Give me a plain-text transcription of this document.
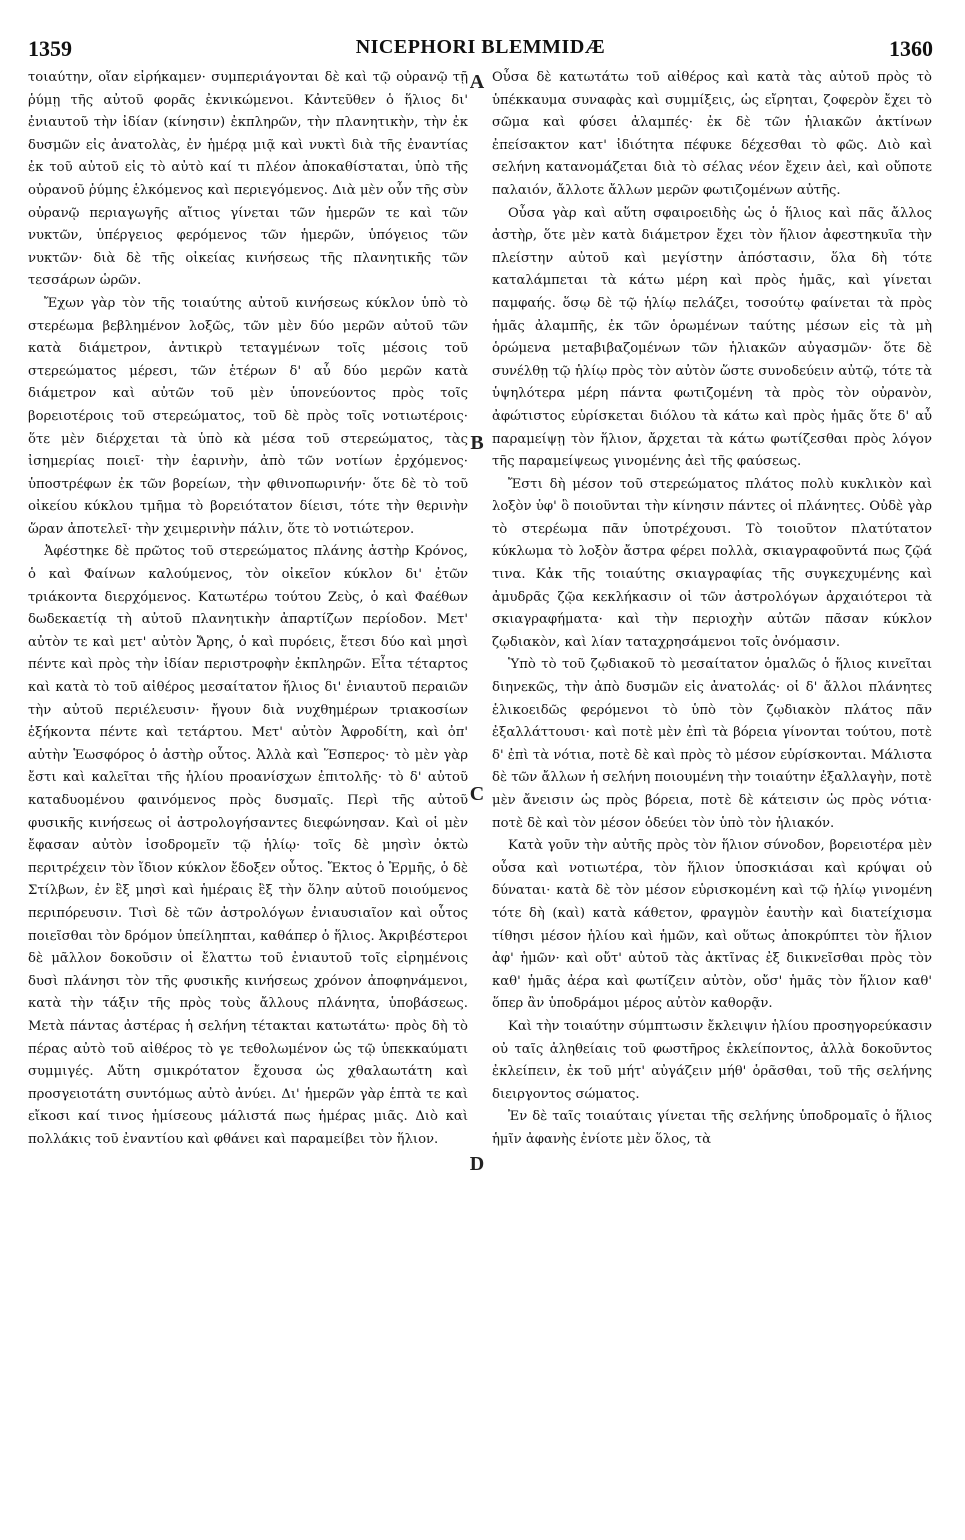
1359	NICEPHORI BLEMMIDÆ	1360

τοιαύτην, οἵαν εἰρήκαμεν· συμπεριάγονται δὲ καὶ τῷ οὐρανῷ τῇ ῥύμῃ τῆς αὐτοῦ φορᾶς ἐκνικώμενοι. Κἀντεῦθεν ὁ ἥλιος δι' ἐνιαυτοῦ τὴν ἰδίαν (κίνησιν) ἐκπληρῶν, τὴν πλανητικὴν, τὴν ἐκ δυσμῶν εἰς ἀνατολὰς, ἐν ἡμέρᾳ μιᾷ καὶ νυκτὶ διὰ τῆς ἐναντίας ἐκ τοῦ αὐτοῦ εἰς τὸ αὐτὸ καί τι πλέον ἀποκαθίσταται, ὑπὸ τῆς οὐρανοῦ ῥύμης ἑλκόμενος καὶ περιεγόμενος. Διὰ μὲν οὖν τῆς σὺν οὐρανῷ περιαγωγῆς αἴτιος γίνεται τῶν ἡμερῶν τε καὶ τῶν νυκτῶν, ὑπέργειος φερόμενος τῶν ἡμερῶν, ὑπόγειος τῶν νυκτῶν· διὰ δὲ τῆς οἰκείας κινήσεως τῆς πλανητικῆς τῶν τεσσάρων ὡρῶν.

Ἔχων γὰρ τὸν τῆς τοιαύτης αὐτοῦ κινήσεως κύκλον ὑπὸ τὸ στερέωμα βεβλημένον λοξῶς, τῶν μὲν δύο μερῶν αὐτοῦ τῶν κατὰ διάμετρον, ἀντικρὺ τεταγμένων τοῖς μέσοις τοῦ στερεώματος μέρεσι, τῶν ἑτέρων δ' αὖ δύο μερῶν κατὰ διάμετρον καὶ αὐτῶν τοῦ μὲν ὑπονεύοντος πρὸς τοῖς βορειοτέροις τοῦ στερεώματος, τοῦ δὲ πρὸς τοῖς νοτιωτέροις· ὅτε μὲν διέρχεται τὰ ὑπὸ κὰ μέσα τοῦ στερεώματος, τὰς ἰσημερίας ποιεῖ· τὴν ἐαρινὴν, ἀπὸ τῶν νοτίων ἐρχόμενος· ὑποστρέφων ἐκ τῶν βορείων, τὴν φθινοπωρινήν· ὅτε δὲ τὸ τοῦ οἰκείου κύκλου τμῆμα τὸ βορειότατον δίεισι, τότε τὴν θερινὴν ὥραν ἀποτελεῖ· τὴν χειμερινὴν πάλιν, ὅτε τὸ νοτιώτερον.

Ἀφέστηκε δὲ πρῶτος τοῦ στερεώματος πλάνης ἀστὴρ Κρόνος, ὁ καὶ Φαίνων καλούμενος, τὸν οἰκεῖον κύκλον δι' ἐτῶν τριάκοντα διερχόμενος. Κατωτέρω τούτου Ζεὺς, ὁ καὶ Φαέθων δωδεκαετίᾳ τὴ αὐτοῦ πλανητικὴν ἀπαρτίζων περίοδον. Μετ' αὐτὸν τε καὶ μετ' αὐτὸν Ἄρης, ὁ καὶ πυρόεις, ἔτεσι δύο καὶ μησὶ πέντε καὶ πρὸς τὴν ἰδίαν περιστροφὴν ἐκπληρῶν. Εἶτα τέταρτος καὶ κατὰ τὸ τοῦ αἰθέρος μεσαίτατον ἥλιος δι' ἐνιαυτοῦ περαιῶν τὴν αὐτοῦ περιέλευσιν· ἤγουν διὰ νυχθημέρων τριακοσίων ἑξήκοντα πέντε καὶ τετάρτου. Μετ' αὐτὸν Ἀφροδίτη, καὶ ὀπ' αὐτὴν Ἑωσφόρος ὁ ἀστὴρ οὗτος. Ἀλλὰ καὶ Ἕσπερος· τὸ μὲν γὰρ ἔστι καὶ καλεῖται τῆς ἡλίου προανίσχων ἐπιτολῆς· τὸ δ' αὐτοῦ καταδυομένου φαινόμενος πρὸς δυσμαῖς. Περὶ τῆς αὐτοῦ φυσικῆς κινήσεως οἱ ἀστρολογήσαντες διεφώνησαν. Καὶ οἱ μὲν ἔφασαν αὐτὸν ἰσοδρομεῖν τῷ ἡλίῳ· τοῖς δὲ μησὶν ὀκτὼ περιτρέχειν τὸν ἴδιον κύκλον ἔδοξεν οὗτος. Ἔκτος ὁ Ἑρμῆς, ὁ δὲ Στίλβων, ἐν ἓξ μησὶ καὶ ἡμέραις ἓξ τὴν ὅλην αὐτοῦ ποιούμενος περιπόρευσιν. Τισὶ δὲ τῶν ἀστρολόγων ἐνιαυσιαῖον καὶ οὗτος ποιεῖσθαι τὸν δρόμον ὑπείληπται, καθάπερ ὁ ἥλιος. Ἀκριβέστεροι δὲ μᾶλλον δοκοῦσιν οἱ ἔλαττω τοῦ ἐνιαυτοῦ τοῖς εἰρημένοις δυσὶ πλάνησι τὸν τῆς φυσικῆς κινήσεως χρόνον ἀποφηνάμενοι, κατὰ τὴν τάξιν τῆς πρὸς τοὺς ἄλλους πλάνητα, ὑποβάσεως. Μετὰ πάντας ἀστέρας ἡ σελήνη τέτακται κατωτάτω· πρὸς δὴ τὸ πέρας αὐτὸ τοῦ αἰθέρος τὸ γε τεθολωμένον ὡς τῷ ὑπεκκαύματι συμμιγές. Αὕτη σμικρότατον ἔχουσα ὡς χθαλαωτάτη καὶ προσγειοτάτη συντόμως αὐτὸ ἀνύει. Δι' ἡμερῶν γὰρ ἑπτὰ τε καὶ εἴκοσι καί τινος ἡμίσεους μάλιστά πως ἡμέρας μιᾶς. Διὸ καὶ πολλάκις τοῦ ἐναντίου καὶ φθάνει καὶ παραμείβει τὸν ἥλιον.

A
B
C
D

Οὖσα δὲ κατωτάτω τοῦ αἰθέρος καὶ κατὰ τὰς αὐτοῦ πρὸς τὸ ὑπέκκαυμα συναφὰς καὶ συμμίξεις, ὡς εἴρηται, ζοφερὸν ἔχει τὸ σῶμα καὶ φύσει ἀλαμπές· ἐκ δὲ τῶν ἡλιακῶν ἀκτίνων ἐπείσακτον κατ' ἰδιότητα πέφυκε δέχεσθαι τὸ φῶς. Διὸ καὶ σελήνη κατανομάζεται διὰ τὸ σέλας νέον ἔχειν ἀεὶ, καὶ οὔποτε παλαιόν, ἄλλοτε ἄλλων μερῶν φωτιζομένων αὐτῆς.

Οὖσα γὰρ καὶ αὕτη σφαιροειδὴς ὡς ὁ ἥλιος καὶ πᾶς ἄλλος ἀστὴρ, ὅτε μὲν κατὰ διάμετρον ἔχει τὸν ἥλιον ἀφεστηκυῖα τὴν πλείστην αὐτοῦ καὶ μεγίστην ἀπόστασιν, ὅλα δὴ τότε καταλάμπεται τὰ κάτω μέρη καὶ πρὸς ἡμᾶς, καὶ γίνεται παμφαής. ὅσῳ δὲ τῷ ἡλίῳ πελάζει, τοσούτῳ φαίνεται τὰ πρὸς ἡμᾶς ἀλαμπῆς, ἐκ τῶν ὁρωμένων ταύτης μέσων εἰς τὰ μὴ ὁρώμενα μεταβιβαζομένων τῶν ἡλιακῶν αὐγασμῶν· ὅτε δὲ συνέλθῃ τῷ ἡλίῳ πρὸς τὸν αὐτὸν ὥστε συνοδεύειν αὐτῷ, τότε τὰ ὑψηλότερα μέρη πάντα φωτιζομένη τὰ πρὸς τὸν οὐρανὸν, ἀφώτιστος εὑρίσκεται διόλου τὰ κάτω καὶ πρὸς ἡμᾶς ὅτε δ' αὖ παραμείψῃ τὸν ἥλιον, ἄρχεται τὰ κάτω φωτίζεσθαι πρὸς λόγον τῆς παραμείψεως γινομένης ἀεὶ τῆς φαύσεως.

Ἔστι δὴ μέσον τοῦ στερεώματος πλάτος πολὺ κυκλικὸν καὶ λοξὸν ὑφ' ὃ ποιοῦνται τὴν κίνησιν πάντες οἱ πλάνητες. Οὐδὲ γὰρ τὸ στερέωμα πᾶν ὑποτρέχουσι. Τὸ τοιοῦτον πλατύτατον κύκλωμα τὸ λοξὸν ἄστρα φέρει πολλὰ, σκιαγραφοῦντά πως ζῷά τινα. Κἀκ τῆς τοιαύτης σκιαγραφίας τῆς συγκεχυμένης καὶ ἀμυδρᾶς ζῷα κεκλήκασιν οἱ τῶν ἀστρολόγων ἀρχαιότεροι τὰ σκιαγραφήματα· καὶ τὴν περιοχὴν αὐτῶν πᾶσαν κύκλον ζῳδιακὸν, καὶ λίαν ταταχρησάμενοι τοῖς ὀνόμασιν.

Ὑπὸ τὸ τοῦ ζῳδιακοῦ τὸ μεσαίτατον ὁμαλῶς ὁ ἥλιος κινεῖται διηνεκῶς, τὴν ἀπὸ δυσμῶν εἰς ἀνατολάς· οἱ δ' ἄλλοι πλάνητες ἑλικοειδῶς φερόμενοι τὸ ὑπὸ τὸν ζῳδιακὸν πλάτος πᾶν ἐξαλλάττουσι· καὶ ποτὲ μὲν ἐπὶ τὰ βόρεια γίνονται τούτου, ποτὲ δ' ἐπὶ τὰ νότια, ποτὲ δὲ καὶ πρὸς τὸ μέσον εὑρίσκονται. Μάλιστα δὲ τῶν ἄλλων ἡ σελήνη ποιουμένη τὴν τοιαύτην ἐξαλλαγὴν, ποτὲ μὲν ἄνεισιν ὡς πρὸς βόρεια, ποτὲ δὲ κάτεισιν ὡς πρὸς νότια· ποτὲ δὲ καὶ τὸν μέσον ὁδεύει τὸν ὑπὸ τὸν ἡλιακόν.

Κατὰ γοῦν τὴν αὐτῆς πρὸς τὸν ἥλιον σύνοδον, βορειοτέρα μὲν οὖσα καὶ νοτιωτέρα, τὸν ἥλιον ὑποσκιάσαι καὶ κρύψαι οὐ δύναται· κατὰ δὲ τὸν μέσον εὑρισκομένη καὶ τῷ ἡλίῳ γινομένη τότε δὴ (καὶ) κατὰ κάθετον, φραγμὸν ἑαυτὴν καὶ διατείχισμα τίθησι μέσον ἡλίου καὶ ἡμῶν, καὶ οὕτως ἀποκρύπτει τὸν ἥλιον ἀφ' ἡμῶν· καὶ οὔτ' αὐτοῦ τὰς ἀκτῖνας ἐξ διικνεῖσθαι πρὸς τὸν καθ' ἡμᾶς ἀέρα καὶ φωτίζειν αὐτὸν, οὔσ' ἡμᾶς τὸν ἥλιον καθ' ὅπερ ἂν ὑποδράμοι μέρος αὐτὸν καθορᾷν.

Καὶ τὴν τοιαύτην σύμπτωσιν ἔκλειψιν ἡλίου προσηγορεύκασιν οὐ ταῖς ἀληθείαις τοῦ φωστῆρος ἐκλείποντος, ἀλλὰ δοκοῦντος ἐκλείπειν, ἐκ τοῦ μήτ' αὐγάζειν μήθ' ὁρᾶσθαι, τοῦ τῆς σελήνης διειργοντος σώματος.

Ἐν δὲ ταῖς τοιαύταις γίνεται τῆς σελήνης ὑποδρομαῖς ὁ ἥλιος ἡμῖν ἀφανὴς ἐνίοτε μὲν ὅλος, τὰ
